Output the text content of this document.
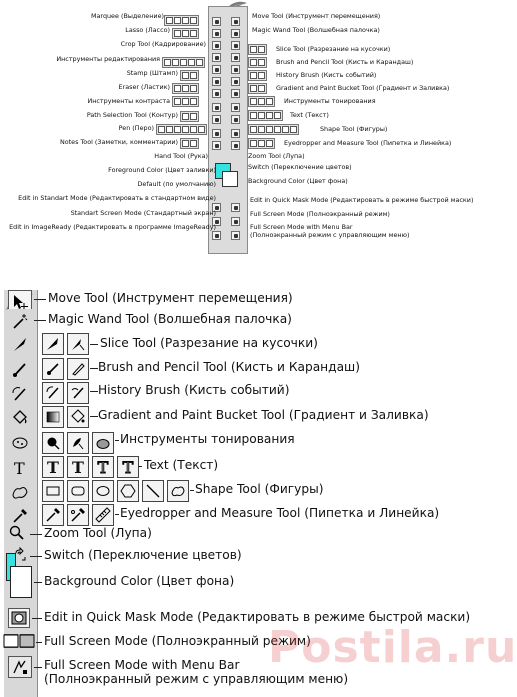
Marquee (Выделение)
Lasso (Лассо)
Crop Tool (Кадрирование)
Инструменты редактирования
Stamp (Штамп)
Eraser (Ластик)
Инструменты контраста
Path Selection Tool (Контур)
Pen (Перо)
Notes Tool (Заметки, комментарии)
Hand Tool (Рука)
Foreground Color (Цвет заливки)
Default (по умолчанию)
Edit in Standart Mode (Редактировать в стандартном виде)
Standart Screen Mode (Стандартный экран)
Edit in ImageReady (Редактировать в программе ImageReady)
Move Tool (Инструмент перемещения)
Magic Wand Tool (Волшебная палочка)
Slice Tool (Разрезание на кусочки)
Brush and Pencil Tool (Кисть и Карандаш)
History Brush (Кисть событий)
Gradient and Paint Bucket Tool (Градиент и Заливка)
Инструменты тонирования
Text (Текст)
Shape Tool (Фигуры)
Eyedropper and Measure Tool (Пипетка и Линейка)
Zoom Tool (Лупа)
Switch (Переключение цветов)
Background Color (Цвет фона)
Edit in Quick Mask Mode (Редактировать в режиме быстрой маски)
Full Screen Mode (Полноэкранный режим)
Full Screen Mode with Menu Bar
(Полноэкранный режим с управляющим меню)
Move Tool (Инструмент перемещения)
Magic Wand Tool (Волшебная палочка)
Slice Tool (Разрезание на кусочки)
Brush and Pencil Tool (Кисть и Карандаш)
History Brush (Кисть событий)
Gradient and Paint Bucket Tool (Градиент и Заливка)
Инструменты тонирования
T T T T T Text (Текст)
Shape Tool (Фигуры)
Eyedropper and Measure Tool (Пипетка и Линейка)
Zoom Tool (Лупа)
Switch (Переключение цветов)
Background Color (Цвет фона)
Edit in Quick Mask Mode (Редактировать в режиме быстрой маски)
Full Screen Mode (Полноэкранный режим)
Full Screen Mode with Menu Bar
(Полноэкранный режим с управляющим меню)
Postila.ru
